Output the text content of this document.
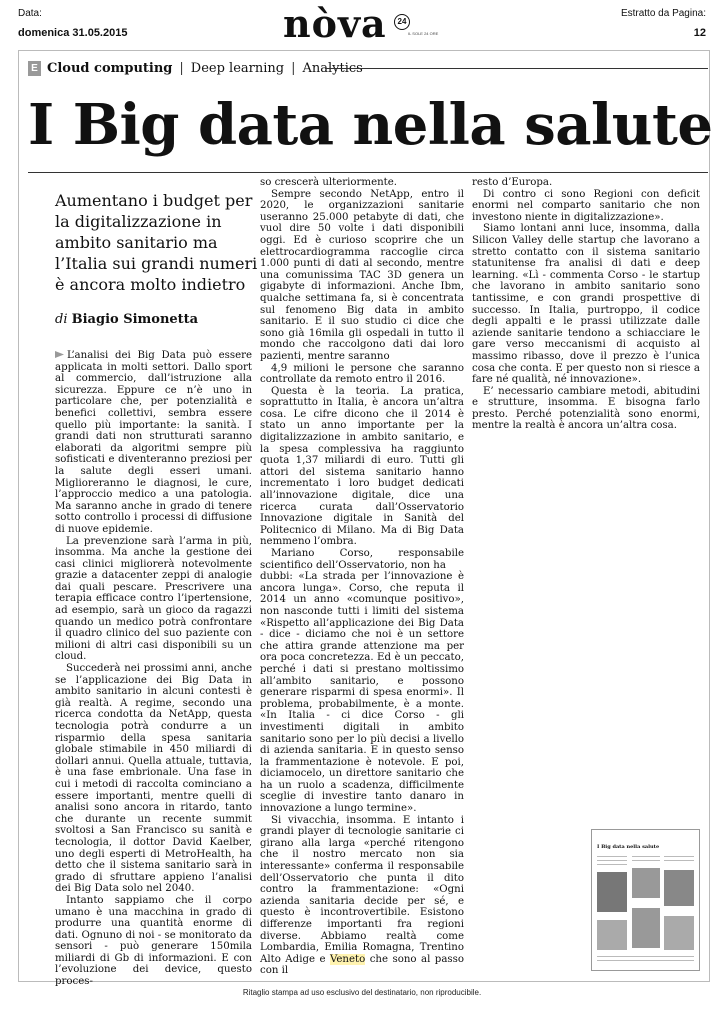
Data:
domenica 31.05.2015	nòva	24
IL SOLE 24 ORE
Estratto da Pagina:
12
E Cloud computing | Deep learning | Analytics
I Big data nella salute
Aumentano i budget per la digitalizzazione in ambito sanitario ma l’Italia sui grandi numeri è ancora molto indietro
di Biagio Simonetta

L’analisi dei Big Data può essere applicata in molti settori. Dallo sport al commercio, dall’istruzione alla sicurezza. Eppure ce n’è uno in particolare che, per potenzialità e benefici collettivi, sembra essere quello più importante: la sanità. I grandi dati non strutturati saranno elaborati da algoritmi sempre più sofisticati e diventeranno preziosi per la salute degli esseri umani. Miglioreranno le diagnosi, le cure, l’approccio medico a una patologia. Ma saranno anche in grado di tenere sotto controllo i processi di diffusione di nuove epidemie.

La prevenzione sarà l’arma in più, insomma. Ma anche la gestione dei casi clinici migliorerà notevolmente grazie a datacenter zeppi di analogie dai quali pescare. Prescrivere una terapia efficace contro l’ipertensione, ad esempio, sarà un gioco da ragazzi quando un medico potrà confrontare il quadro clinico del suo paziente con milioni di altri casi disponibili su un cloud.

Succederà nei prossimi anni, anche se l’applicazione dei Big Data in ambito sanitario in alcuni contesti è già realtà. A regime, secondo una ricerca condotta da NetApp, questa tecnologia potrà condurre a un risparmio della spesa sanitaria globale stimabile in 450 miliardi di dollari annui. Quella attuale, tuttavia, è una fase embrionale. Una fase in cui i metodi di raccolta cominciano a essere importanti, mentre quelli di analisi sono ancora in ritardo, tanto che durante un recente summit svoltosi a San Francisco su sanità e tecnologia, il dottor David Kaelber, uno degli esperti di MetroHealth, ha detto che il sistema sanitario sarà in grado di sfruttare appieno l’analisi dei Big Data solo nel 2040.

Intanto sappiamo che il corpo umano è una macchina in grado di produrre una quantità enorme di dati. Ognuno di noi - se monitorato da sensori - può generare 150mila miliardi di Gb di informazioni. E con l’evoluzione dei device, questo proces-

so crescerà ulteriormente.

Sempre secondo NetApp, entro il 2020, le organizzazioni sanitarie useranno 25.000 petabyte di dati, che vuol dire 50 volte i dati disponibili oggi. Ed è curioso scoprire che un elettrocardiogramma raccoglie circa 1.000 punti di dati al secondo, mentre una comunissima TAC 3D genera un gigabyte di informazioni. Anche Ibm, qualche settimana fa, si è concentrata sul fenomeno Big data in ambito sanitario. E il suo studio ci dice che sono già 16mila gli ospedali in tutto il mondo che raccolgono dati dai loro pazienti, mentre saranno

4,9 milioni le persone che saranno controllate da remoto entro il 2016.

Questa è la teoria. La pratica, soprattutto in Italia, è ancora un’altra cosa. Le cifre dicono che il 2014 è stato un anno importante per la digitalizzazione in ambito sanitario, e la spesa complessiva ha raggiunto quota 1,37 miliardi di euro. Tutti gli attori del sistema sanitario hanno incrementato i loro budget dedicati all’innovazione digitale, dice una ricerca curata dall’Osservatorio Innovazione digitale in Sanità del Politecnico di Milano. Ma di Big Data nemmeno l’ombra.

Mariano Corso, responsabile scientifico dell’Osservatorio, non ha

dubbi: «La strada per l’innovazione è ancora lunga». Corso, che reputa il 2014 un anno «comunque positivo», non nasconde tutti i limiti del sistema «Rispetto all’applicazione dei Big Data - dice - diciamo che noi è un settore che attira grande attenzione ma per ora poca concretezza. Ed è un peccato, perché i dati si prestano moltissimo all’ambito sanitario, e possono generare risparmi di spesa enormi». Il problema, probabilmente, è a monte. «In Italia - ci dice Corso - gli investimenti digitali in ambito sanitario sono per lo più decisi a livello di azienda sanitaria. E in questo senso la frammentazione è notevole. E poi, diciamocelo, un direttore sanitario che ha un ruolo a scadenza, difficilmente sceglie di investire tanto danaro in innovazione a lungo termine».

Si vivacchia, insomma. E intanto i grandi player di tecnologie sanitarie ci girano alla larga «perché ritengono che il nostro mercato non sia interessante» conferma il responsabile dell’Osservatorio che punta il dito contro la frammentazione: «Ogni azienda sanitaria decide per sé, e questo è incontrovertibile. Esistono differenze importanti fra regioni diverse. Abbiamo realtà come Lombardia, Emilia Romagna, Trentino Alto Adige e Veneto che sono al passo con il

resto d’Europa.

Di contro ci sono Regioni con deficit enormi nel comparto sanitario che non investono niente in digitalizzazione».

Siamo lontani anni luce, insomma, dalla Silicon Valley delle startup che lavorano a stretto contatto con il sistema sanitario statunitense fra analisi di dati e deep learning. «Lì - commenta Corso - le startup che lavorano in ambito sanitario sono tantissime, e con grandi prospettive di successo. In Italia, purtroppo, il codice degli appalti e le prassi utilizzate dalle aziende sanitarie tendono a schiacciare le gare verso meccanismi di acquisto al massimo ribasso, dove il prezzo è l’unica cosa che conta. E per questo non si riesce a fare né qualità, né innovazione».

E’ necessario cambiare metodi, abitudini e strutture, insomma. E bisogna farlo presto. Perché potenzialità sono enormi, mentre la realtà è ancora un’altra cosa.

I Big data nella salute
Ritaglio stampa ad uso esclusivo del destinatario, non riproducibile.
